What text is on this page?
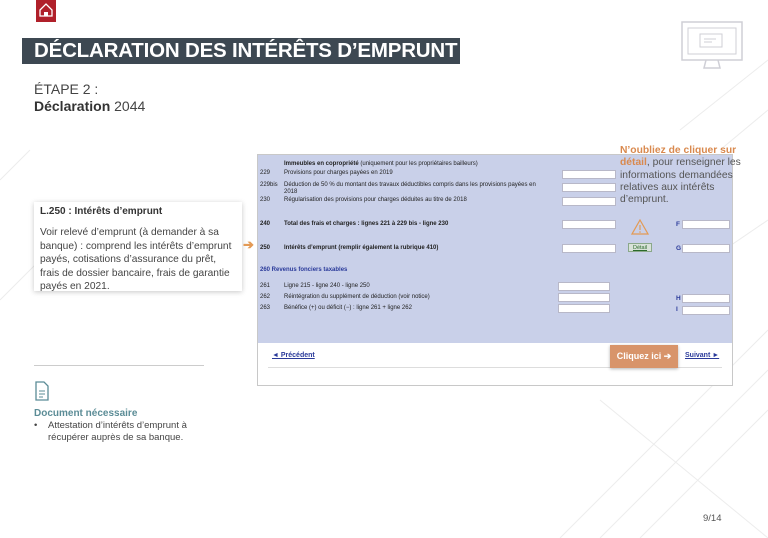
DÉCLARATION DES INTÉRÊTS D’EMPRUNT
ÉTAPE 2 :
Déclaration 2044
L.250 : Intérêts d’emprunt
Voir relevé d’emprunt (à demander à sa banque) : comprend les intérêts d’emprunt payés, cotisations d’assurance du prêt, frais de dossier bancaire, frais de garantie payés en 2021.
➔
Document nécessaire
• Attestation d’intérêts d’emprunt à récupérer auprès de sa banque.
Immeubles en copropriété (uniquement pour les propriétaires bailleurs)
229 Provisions pour charges payées en 2019
229bis Déduction de 50 % du montant des travaux déductibles compris dans les provisions payées en
2018
230 Régularisation des provisions pour charges déduites au titre de 2018
240 Total des frais et charges : lignes 221 à 229 bis - ligne 230	F
250 Intérêts d’emprunt (remplir également la rubrique 410)	Détail	G
260 Revenus fonciers taxables
261 Ligne 215 - ligne 240 - ligne 250
262 Réintégration du supplément de déduction (voir notice)	H
263 Bénéfice (+) ou déficit (−) : ligne 261 + ligne 262	I
◄ Précédent	Suivant ►
Cliquez ici ➔
N’oubliez de cliquer sur détail, pour renseigner les informations demandées relatives aux intérêts d’emprunt.
9/14
